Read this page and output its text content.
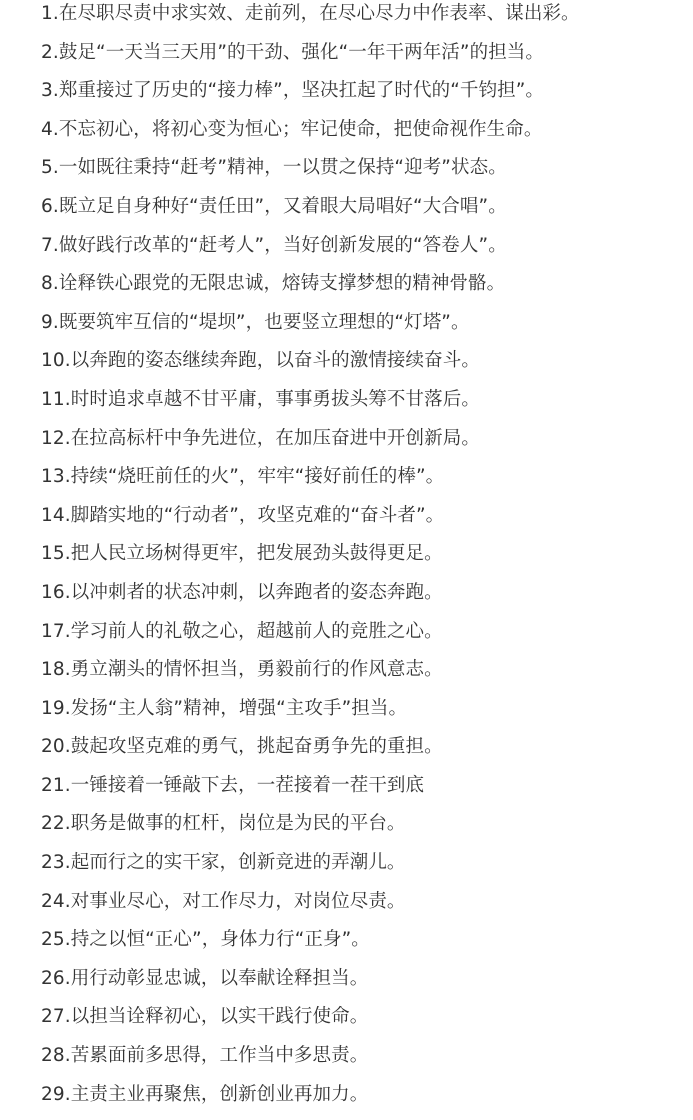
1.在尽职尽责中求实效、走前列，在尽心尽力中作表率、谋出彩。
2.鼓足“一天当三天用”的干劲、强化“一年干两年活”的担当。
3.郑重接过了历史的“接力棒”，坚决扛起了时代的“千钧担”。
4.不忘初心，将初心变为恒心；牢记使命，把使命视作生命。
5.一如既往秉持“赶考”精神，一以贯之保持“迎考”状态。
6.既立足自身种好“责任田”，又着眼大局唱好“大合唱”。
7.做好践行改革的“赶考人”，当好创新发展的“答卷人”。
8.诠释铁心跟党的无限忠诚，熔铸支撑梦想的精神骨骼。
9.既要筑牢互信的“堤坝”，也要竖立理想的“灯塔”。
10.以奔跑的姿态继续奔跑，以奋斗的激情接续奋斗。
11.时时追求卓越不甘平庸，事事勇拔头筹不甘落后。
12.在拉高标杆中争先进位，在加压奋进中开创新局。
13.持续“烧旺前任的火”，牢牢“接好前任的棒”。
14.脚踏实地的“行动者”，攻坚克难的“奋斗者”。
15.把人民立场树得更牢，把发展劲头鼓得更足。
16.以冲刺者的状态冲刺，以奔跑者的姿态奔跑。
17.学习前人的礼敬之心，超越前人的竞胜之心。
18.勇立潮头的情怀担当，勇毅前行的作风意志。
19.发扬“主人翁”精神，增强“主攻手”担当。
20.鼓起攻坚克难的勇气，挑起奋勇争先的重担。
21.一锤接着一锤敲下去，一茬接着一茬干到底
22.职务是做事的杠杆，岗位是为民的平台。
23.起而行之的实干家，创新竞进的弄潮儿。
24.对事业尽心，对工作尽力，对岗位尽责。
25.持之以恒“正心”，身体力行“正身”。
26.用行动彰显忠诚，以奉献诠释担当。
27.以担当诠释初心，以实干践行使命。
28.苦累面前多思得，工作当中多思责。
29.主责主业再聚焦，创新创业再加力。
